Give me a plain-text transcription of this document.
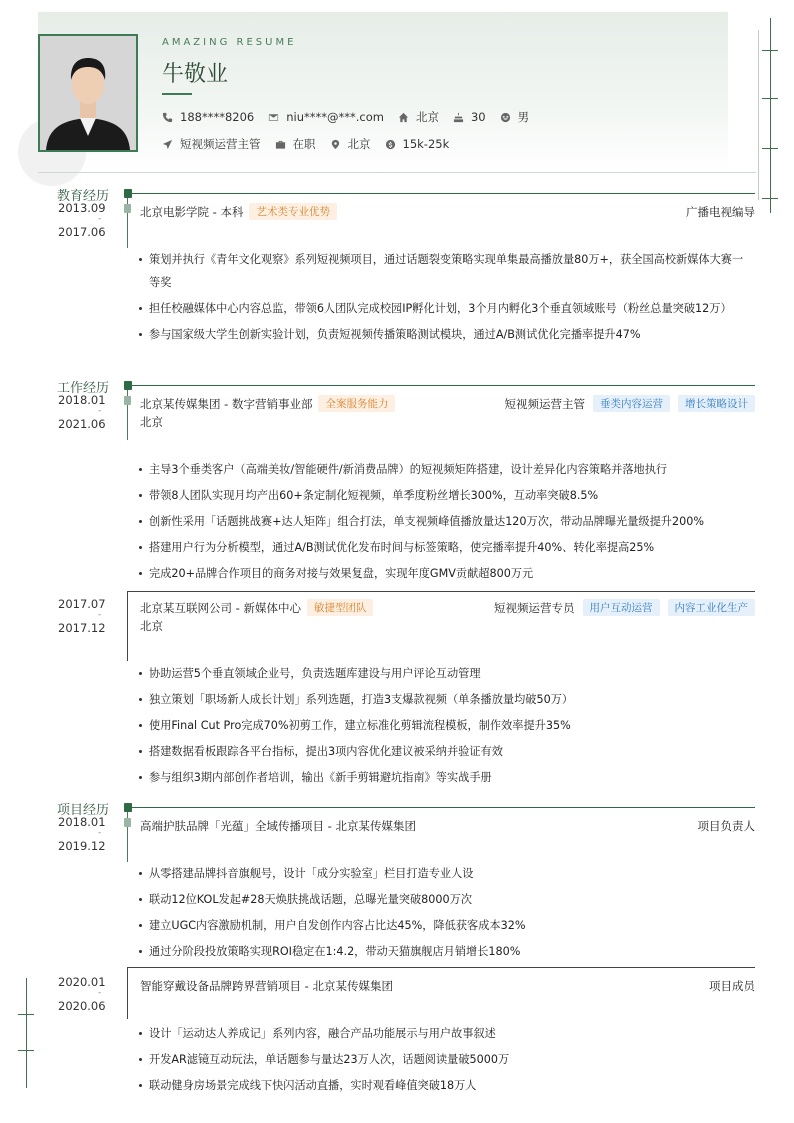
AMAZING RESUME
牛敬业
188****8206	niu****@***.com	北京	30	男
短视频运营主管	在职	北京	15k-25k
教育经历
2013.09
-
2017.06
北京电影学院 - 本科	艺术类专业优势	广播电视编导
策划并执行《青年文化观察》系列短视频项目，通过话题裂变策略实现单集最高播放量80万+，获全国高校新媒体大赛一等奖
担任校融媒体中心内容总监，带领6人团队完成校园IP孵化计划，3个月内孵化3个垂直领域账号（粉丝总量突破12万）
参与国家级大学生创新实验计划，负责短视频传播策略测试模块，通过A/B测试优化完播率提升47%
工作经历
2018.01
-
2021.06
北京某传媒集团 - 数字营销事业部	全案服务能力	短视频运营主管	垂类内容运营	增长策略设计
北京
主导3个垂类客户（高端美妆/智能硬件/新消费品牌）的短视频矩阵搭建，设计差异化内容策略并落地执行
带领8人团队实现月均产出60+条定制化短视频，单季度粉丝增长300%，互动率突破8.5%
创新性采用「话题挑战赛+达人矩阵」组合打法，单支视频峰值播放量达120万次，带动品牌曝光量级提升200%
搭建用户行为分析模型，通过A/B测试优化发布时间与标签策略，使完播率提升40%、转化率提高25%
完成20+品牌合作项目的商务对接与效果复盘，实现年度GMV贡献超800万元
2017.07
-
2017.12
北京某互联网公司 - 新媒体中心	敏捷型团队	短视频运营专员	用户互动运营	内容工业化生产
北京
协助运营5个垂直领域企业号，负责选题库建设与用户评论互动管理
独立策划「职场新人成长计划」系列选题，打造3支爆款视频（单条播放量均破50万）
使用Final Cut Pro完成70%初剪工作，建立标准化剪辑流程模板，制作效率提升35%
搭建数据看板跟踪各平台指标，提出3项内容优化建议被采纳并验证有效
参与组织3期内部创作者培训，输出《新手剪辑避坑指南》等实战手册
项目经历
2018.01
-
2019.12
高端护肤品牌「光蕴」全域传播项目 - 北京某传媒集团	项目负责人
从零搭建品牌抖音旗舰号，设计「成分实验室」栏目打造专业人设
联动12位KOL发起#28天焕肤挑战话题，总曝光量突破8000万次
建立UGC内容激励机制，用户自发创作内容占比达45%，降低获客成本32%
通过分阶段投放策略实现ROI稳定在1:4.2，带动天猫旗舰店月销增长180%
2020.01
-
2020.06
智能穿戴设备品牌跨界营销项目 - 北京某传媒集团	项目成员
设计「运动达人养成记」系列内容，融合产品功能展示与用户故事叙述
开发AR滤镜互动玩法，单话题参与量达23万人次，话题阅读量破5000万
联动健身房场景完成线下快闪活动直播，实时观看峰值突破18万人
